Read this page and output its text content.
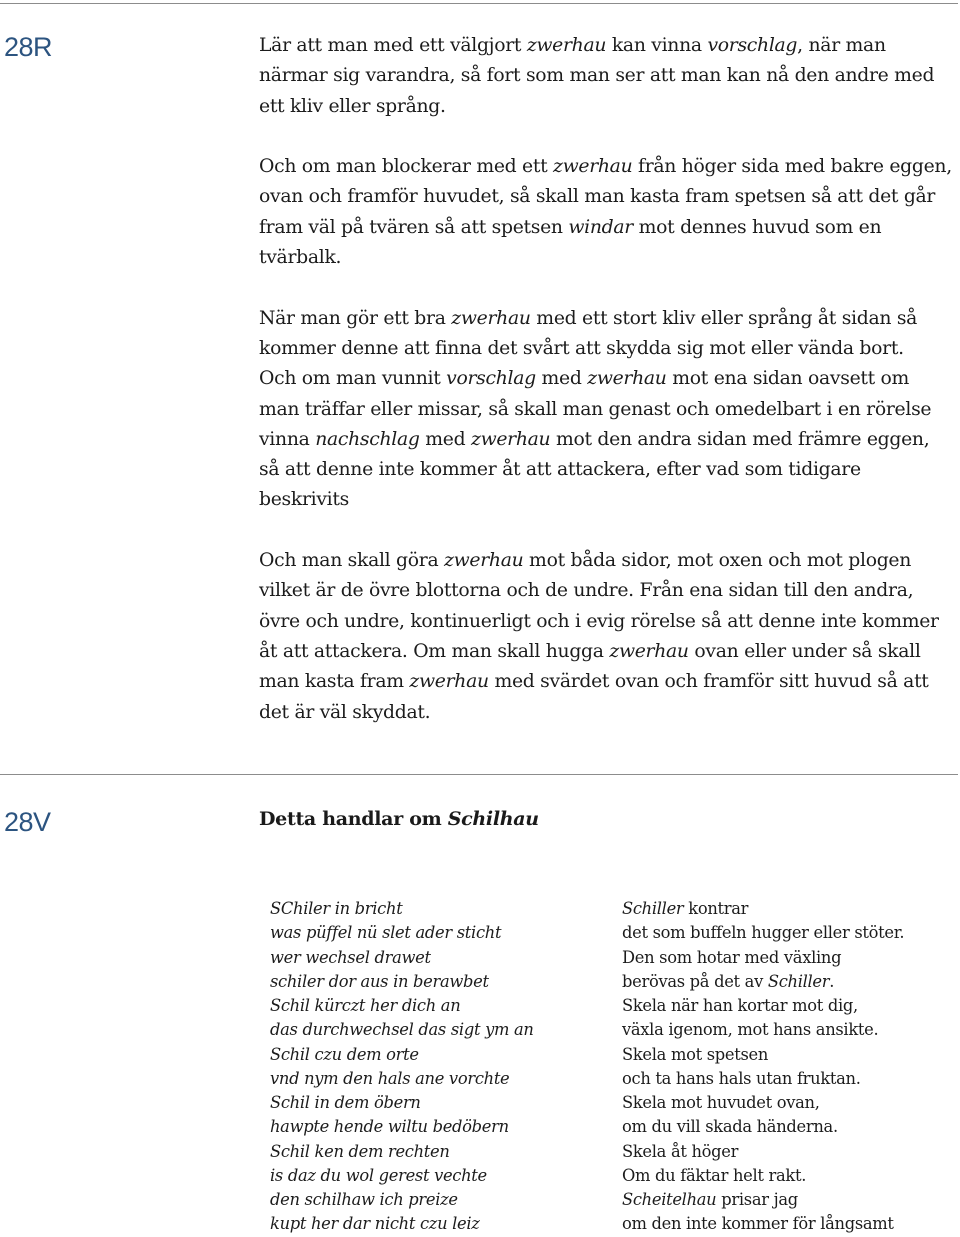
28R	Lär att man med ett välgjort zwerhau kan vinna vorschlag, när man närmar sig varandra, så fort som man ser att man kan nå den andre med ett kliv eller språng.

Och om man blockerar med ett zwerhau från höger sida med bakre eggen, ovan och framför huvudet, så skall man kasta fram spetsen så att det går fram väl på tvären så att spetsen windar mot dennes huvud som en tvärbalk.

När man gör ett bra zwerhau med ett stort kliv eller språng åt sidan så kommer denne att finna det svårt att skydda sig mot eller vända bort.

Och om man vunnit vorschlag med zwerhau mot ena sidan oavsett om man träffar eller missar, så skall man genast och omedelbart i en rörelse vinna nachschlag med zwerhau mot den andra sidan med främre eggen, så att denne inte kommer åt att attackera, efter vad som tidigare beskrivits

Och man skall göra zwerhau mot båda sidor, mot oxen och mot plogen vilket är de övre blottorna och de undre. Från ena sidan till den andra, övre och undre, kontinuerligt och i evig rörelse så att denne inte kommer åt att attackera. Om man skall hugga zwerhau ovan eller under så skall man kasta fram zwerhau med svärdet ovan och framför sitt huvud så att det är väl skyddat.

28V	Detta handlar om Schilhau
SChiler in bricht
was püffel nü slet ader sticht
wer wechsel drawet
schiler dor aus in berawbet
Schil kürczt her dich an
das durchwechsel das sigt ym an
Schil czu dem orte
vnd nym den hals ane vorchte
Schil in dem öbern
hawpte hende wiltu bedöbern
Schil ken dem rechten
is daz du wol gerest vechte
den schilhaw ich preize
kupt her dar nicht czu leiz
Schiller kontrar
det som buffeln hugger eller stöter.
Den som hotar med växling
berövas på det av Schiller.
Skela när han kortar mot dig,
växla igenom, mot hans ansikte.
Skela mot spetsen
och ta hans hals utan fruktan.
Skela mot huvudet ovan,
om du vill skada händerna.
Skela åt höger
Om du fäktar helt rakt.
Scheitelhau prisar jag
om den inte kommer för långsamt
